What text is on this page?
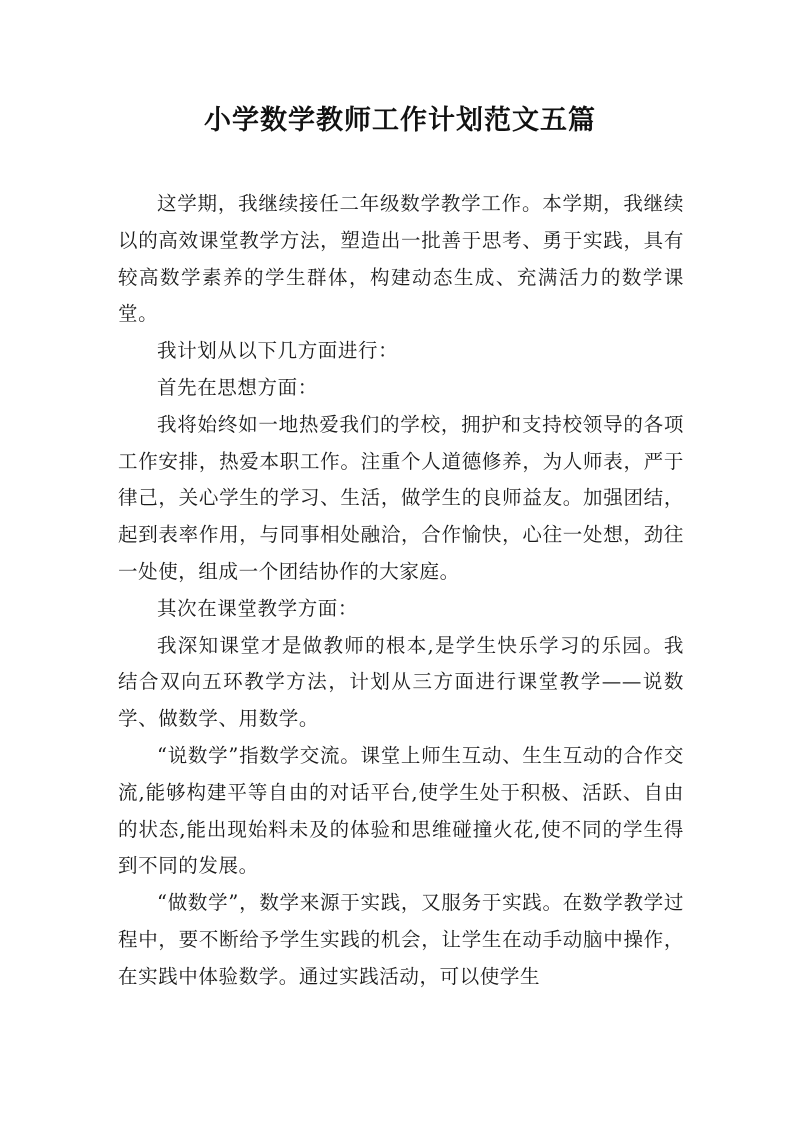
小学数学教师工作计划范文五篇

这学期，我继续接任二年级数学教学工作。本学期，我继续以的高效课堂教学方法，塑造出一批善于思考、勇于实践，具有较高数学素养的学生群体，构建动态生成、充满活力的数学课堂。

我计划从以下几方面进行：

首先在思想方面：

我将始终如一地热爱我们的学校，拥护和支持校领导的各项工作安排，热爱本职工作。注重个人道德修养，为人师表，严于律己，关心学生的学习、生活，做学生的良师益友。加强团结，起到表率作用，与同事相处融洽，合作愉快，心往一处想，劲往一处使，组成一个团结协作的大家庭。

其次在课堂教学方面：

我深知课堂才是做教师的根本,是学生快乐学习的乐园。我结合双向五环教学方法，计划从三方面进行课堂教学——说数学、做数学、用数学。

“说数学”指数学交流。课堂上师生互动、生生互动的合作交流,能够构建平等自由的对话平台,使学生处于积极、活跃、自由的状态,能出现始料未及的体验和思维碰撞火花,使不同的学生得到不同的发展。

“做数学”，数学来源于实践，又服务于实践。在数学教学过程中，要不断给予学生实践的机会，让学生在动手动脑中操作，在实践中体验数学。通过实践活动，可以使学生
